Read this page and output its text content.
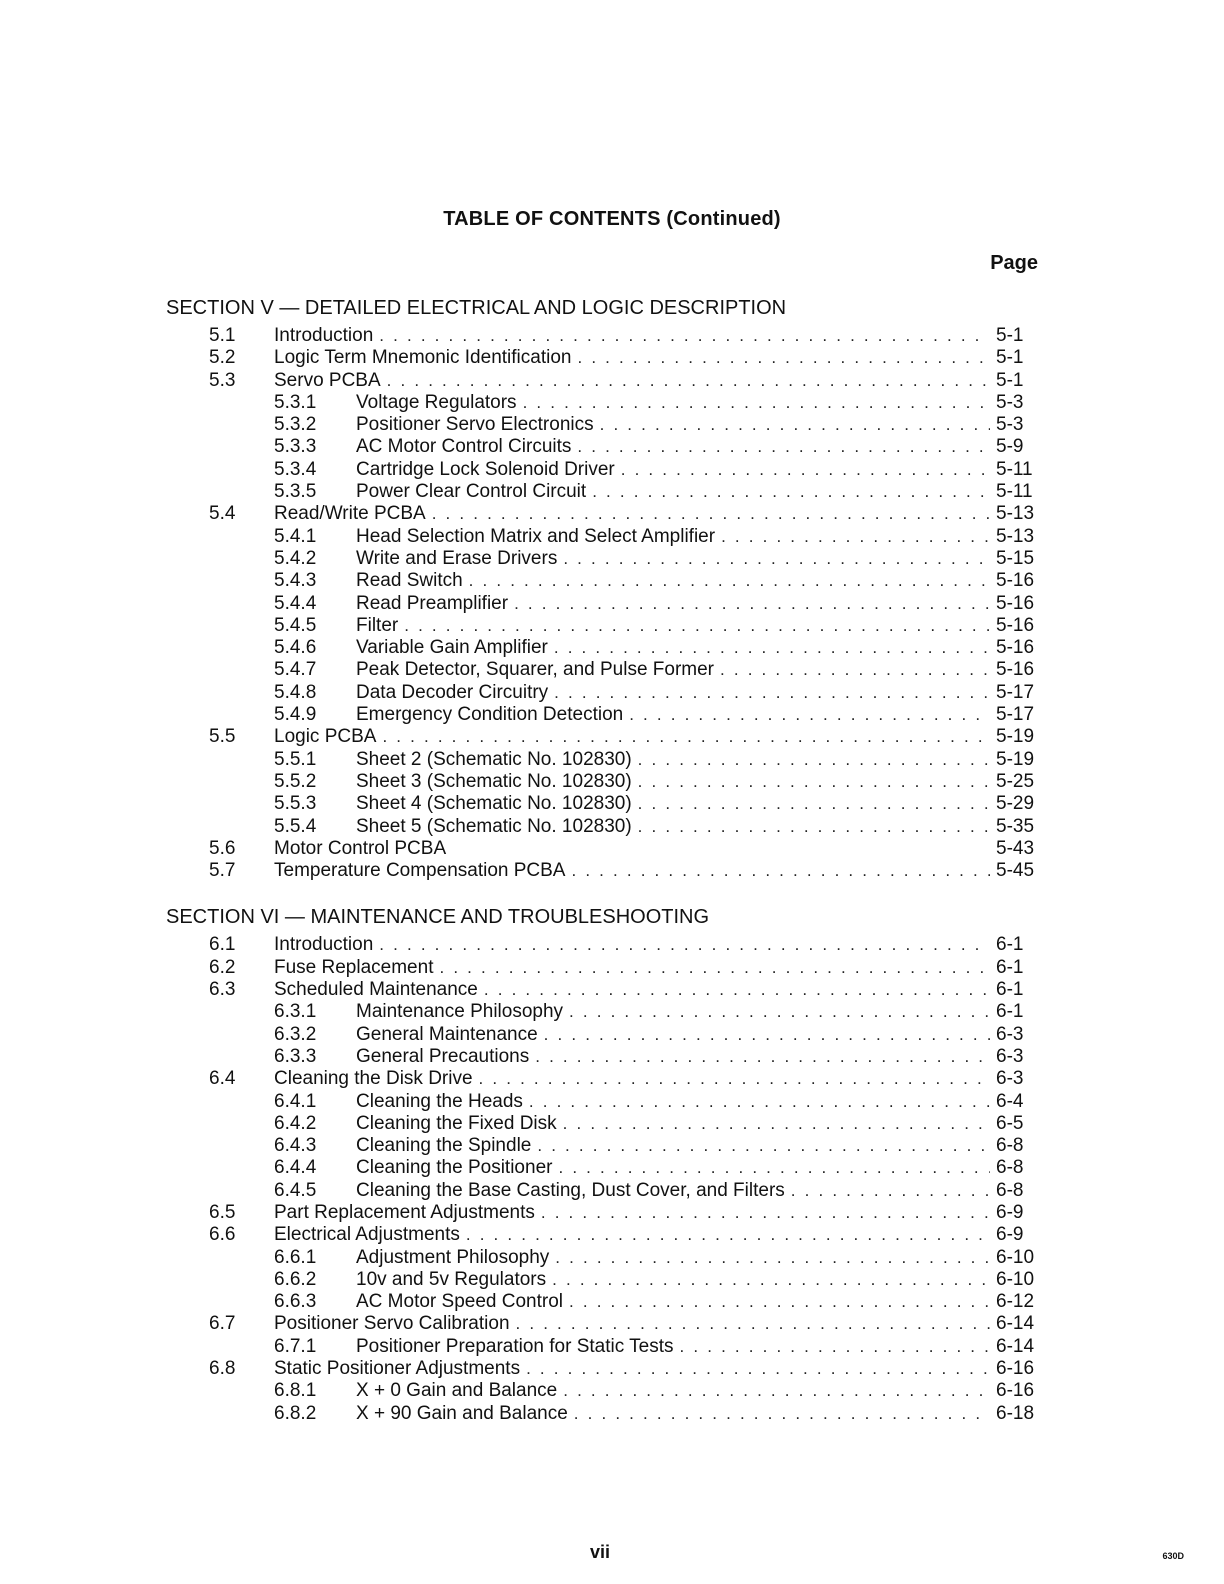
TABLE OF CONTENTS (Continued)
Page
SECTION V — DETAILED ELECTRICAL AND LOGIC DESCRIPTION
5.1	Introduction . . .	5-1
5.2	Logic Term Mnemonic Identification . . .	5-1
5.3	Servo PCBA . . .	5-1
5.3.1	Voltage Regulators . . .	5-3
5.3.2	Positioner Servo Electronics . . .	5-3
5.3.3	AC Motor Control Circuits . . .	5-9
5.3.4	Cartridge Lock Solenoid Driver . . .	5-11
5.3.5	Power Clear Control Circuit . . .	5-11
5.4	Read/Write PCBA . . .	5-13
5.4.1	Head Selection Matrix and Select Amplifier . . .	5-13
5.4.2	Write and Erase Drivers . . .	5-15
5.4.3	Read Switch . . .	5-16
5.4.4	Read Preamplifier . . .	5-16
5.4.5	Filter . . .	5-16
5.4.6	Variable Gain Amplifier . . .	5-16
5.4.7	Peak Detector, Squarer, and Pulse Former . . .	5-16
5.4.8	Data Decoder Circuitry . . .	5-17
5.4.9	Emergency Condition Detection . . .	5-17
5.5	Logic PCBA . . .	5-19
5.5.1	Sheet 2 (Schematic No. 102830) . . .	5-19
5.5.2	Sheet 3 (Schematic No. 102830) . . .	5-25
5.5.3	Sheet 4 (Schematic No. 102830) . . .	5-29
5.5.4	Sheet 5 (Schematic No. 102830) . . .	5-35
5.6	Motor Control PCBA	5-43
5.7	Temperature Compensation PCBA . . .	5-45
SECTION VI — MAINTENANCE AND TROUBLESHOOTING
6.1	Introduction . . .	6-1
6.2	Fuse Replacement . . .	6-1
6.3	Scheduled Maintenance . . .	6-1
6.3.1	Maintenance Philosophy . . .	6-1
6.3.2	General Maintenance . . .	6-3
6.3.3	General Precautions . . .	6-3
6.4	Cleaning the Disk Drive . . .	6-3
6.4.1	Cleaning the Heads . . .	6-4
6.4.2	Cleaning the Fixed Disk . . .	6-5
6.4.3	Cleaning the Spindle . . .	6-8
6.4.4	Cleaning the Positioner . . .	6-8
6.4.5	Cleaning the Base Casting, Dust Cover, and Filters . . .	6-8
6.5	Part Replacement Adjustments . . .	6-9
6.6	Electrical Adjustments . . .	6-9
6.6.1	Adjustment Philosophy . . .	6-10
6.6.2	10v and 5v Regulators . . .	6-10
6.6.3	AC Motor Speed Control . . .	6-12
6.7	Positioner Servo Calibration . . .	6-14
6.7.1	Positioner Preparation for Static Tests . . .	6-14
6.8	Static Positioner Adjustments . . .	6-16
6.8.1	X + 0 Gain and Balance . . .	6-16
6.8.2	X + 90 Gain and Balance . . .	6-18
vii	630D
